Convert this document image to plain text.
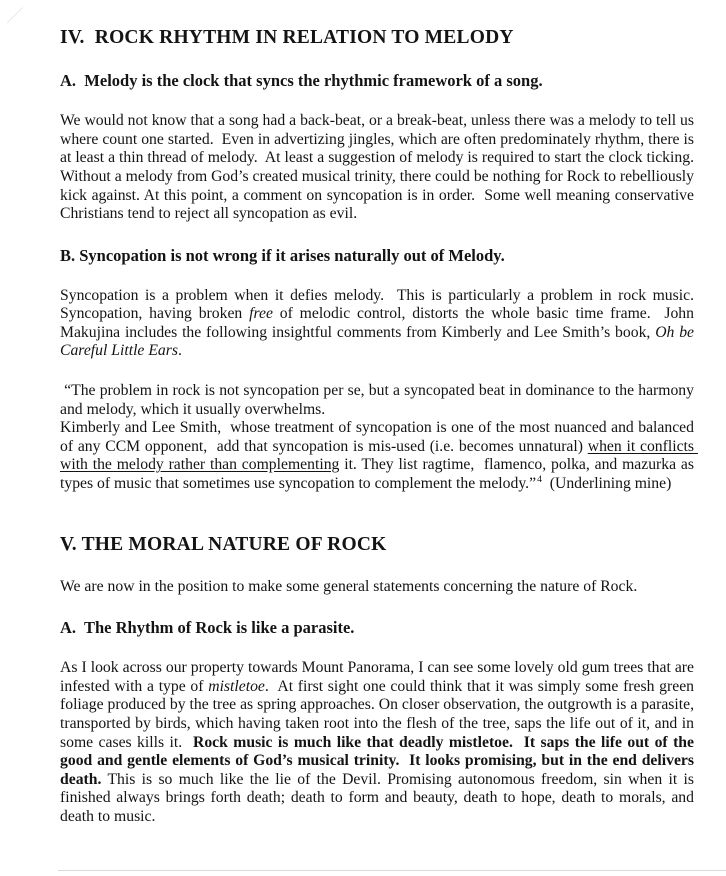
IV.  ROCK RHYTHM IN RELATION TO MELODY
A.  Melody is the clock that syncs the rhythmic framework of a song.

We would not know that a song had a back-beat, or a break-beat, unless there was a melody to tell us where count one started.  Even in advertizing jingles, which are often predominately rhythm, there is at least a thin thread of melody.  At least a suggestion of melody is required to start the clock ticking. Without a melody from God’s created musical trinity, there could be nothing for Rock to rebelliously kick against. At this point, a comment on syncopation is in order.  Some well meaning conservative Christians tend to reject all syncopation as evil.

B. Syncopation is not wrong if it arises naturally out of Melody.

Syncopation is a problem when it defies melody.  This is particularly a problem in rock music. Syncopation, having broken free of melodic control, distorts the whole basic time frame.  John Makujina includes the following insightful comments from Kimberly and Lee Smith’s book, Oh be Careful Little Ears.

“The problem in rock is not syncopation per se, but a syncopated beat in dominance to the harmony and melody, which it usually overwhelms.
Kimberly and Lee Smith,  whose treatment of syncopation is one of the most nuanced and balanced of any CCM opponent,  add that syncopation is mis-used (i.e. becomes unnatural) when it conflicts with the melody rather than complementing it. They list ragtime,  flamenco, polka, and mazurka as types of music that sometimes use syncopation to complement the melody.”$^4$  (Underlining mine)

V. THE MORAL NATURE OF ROCK

We are now in the position to make some general statements concerning the nature of Rock.

A.  The Rhythm of Rock is like a parasite.

As I look across our property towards Mount Panorama, I can see some lovely old gum trees that are infested with a type of mistletoe.  At first sight one could think that it was simply some fresh green foliage produced by the tree as spring approaches. On closer observation, the outgrowth is a parasite, transported by birds, which having taken root into the flesh of the tree, saps the life out of it, and in some cases kills it.  Rock music is much like that deadly mistletoe.  It saps the life out of the good and gentle elements of God’s musical trinity.  It looks promising, but in the end delivers death. This is so much like the lie of the Devil. Promising autonomous freedom, sin when it is finished always brings forth death; death to form and beauty, death to hope, death to morals, and death to music.
